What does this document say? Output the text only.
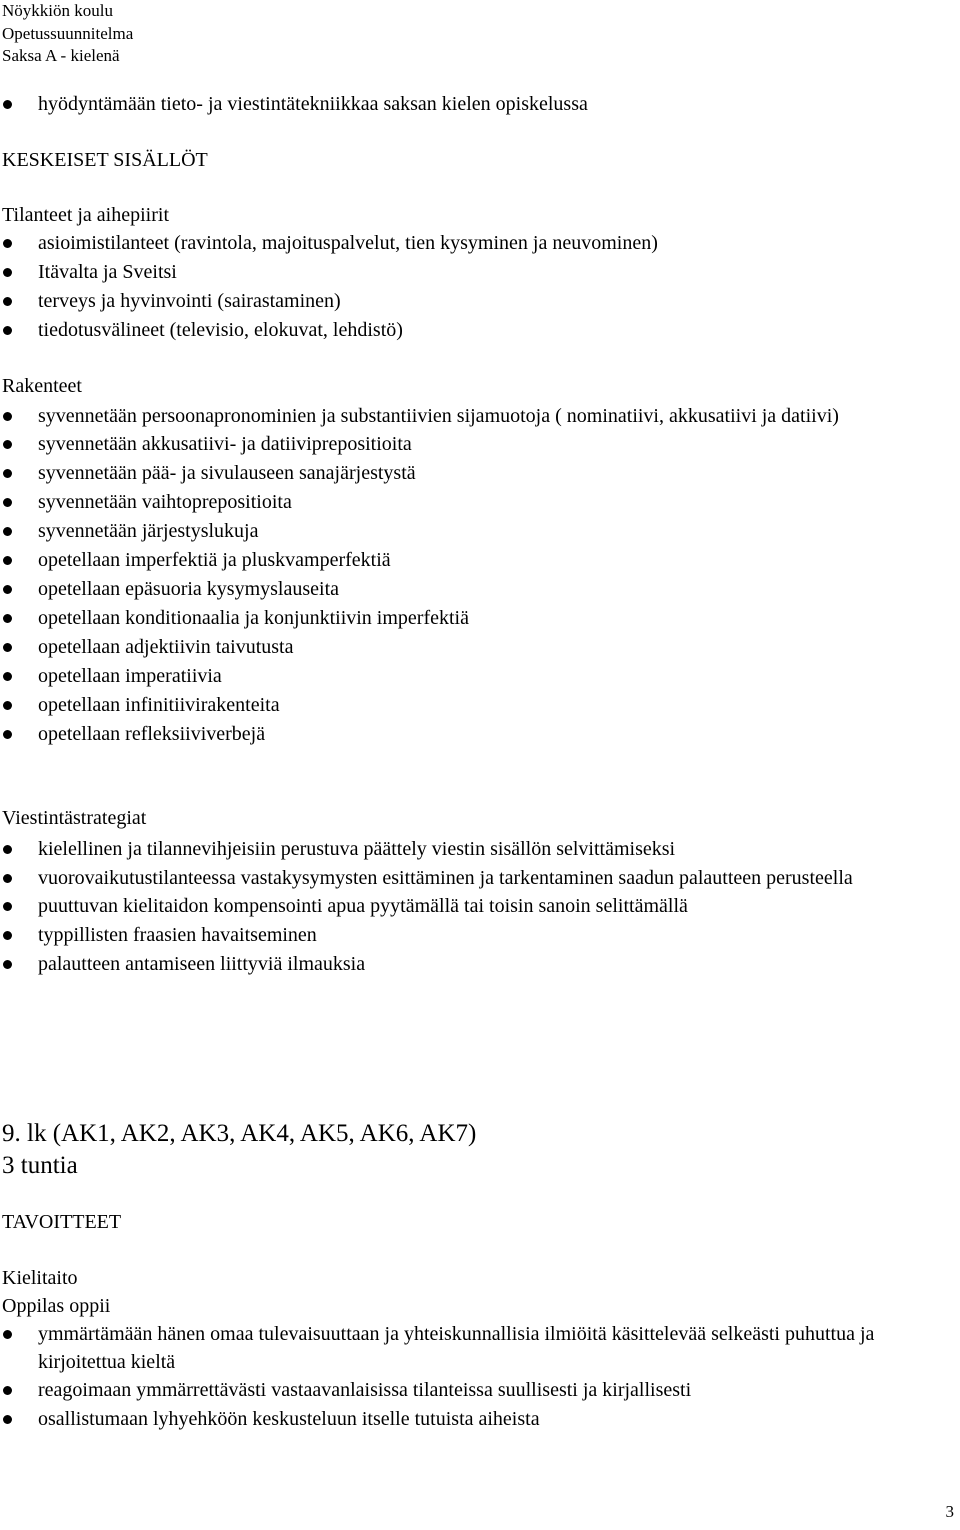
Nöykkiön koulu
Opetussuunnitelma
Saksa A - kielenä
hyödyntämään tieto- ja viestintätekniikkaa saksan kielen opiskelussa
KESKEISET SISÄLLÖT
Tilanteet ja aihepiirit
asioimistilanteet (ravintola, majoituspalvelut, tien kysyminen ja neuvominen)
Itävalta ja Sveitsi
terveys ja hyvinvointi (sairastaminen)
tiedotusvälineet (televisio, elokuvat, lehdistö)
Rakenteet
syvennetään persoonapronominien ja substantiivien sijamuotoja ( nominatiivi, akkusatiivi ja datiivi)
syvennetään akkusatiivi- ja datiiviprepositioita
syvennetään pää- ja sivulauseen sanajärjestystä
syvennetään vaihtoprepositioita
syvennetään järjestyslukuja
opetellaan imperfektiä ja pluskvamperfektiä
opetellaan epäsuoria kysymyslauseita
opetellaan konditionaalia ja konjunktiivin imperfektiä
opetellaan adjektiivin taivutusta
opetellaan imperatiivia
opetellaan infinitiivirakenteita
opetellaan refleksiiviverbejä
Viestintästrategiat
kielellinen ja tilannevihjeisiin perustuva päättely viestin sisällön selvittämiseksi
vuorovaikutustilanteessa vastakysymysten esittäminen ja tarkentaminen saadun palautteen perusteella
puuttuvan kielitaidon kompensointi apua pyytämällä tai toisin sanoin selittämällä
typpillisten fraasien havaitseminen
palautteen antamiseen liittyviä ilmauksia
9. lk (AK1, AK2, AK3, AK4, AK5, AK6, AK7)
3 tuntia
TAVOITTEET
Kielitaito
Oppilas oppii
ymmärtämään hänen omaa tulevaisuuttaan ja yhteiskunnallisia ilmiöitä käsittelevää selkeästi puhuttua ja kirjoitettua kieltä
reagoimaan ymmärrettävästi vastaavanlaisissa tilanteissa suullisesti ja kirjallisesti
osallistumaan lyhyehköön keskusteluun itselle tutuista aiheista
3
